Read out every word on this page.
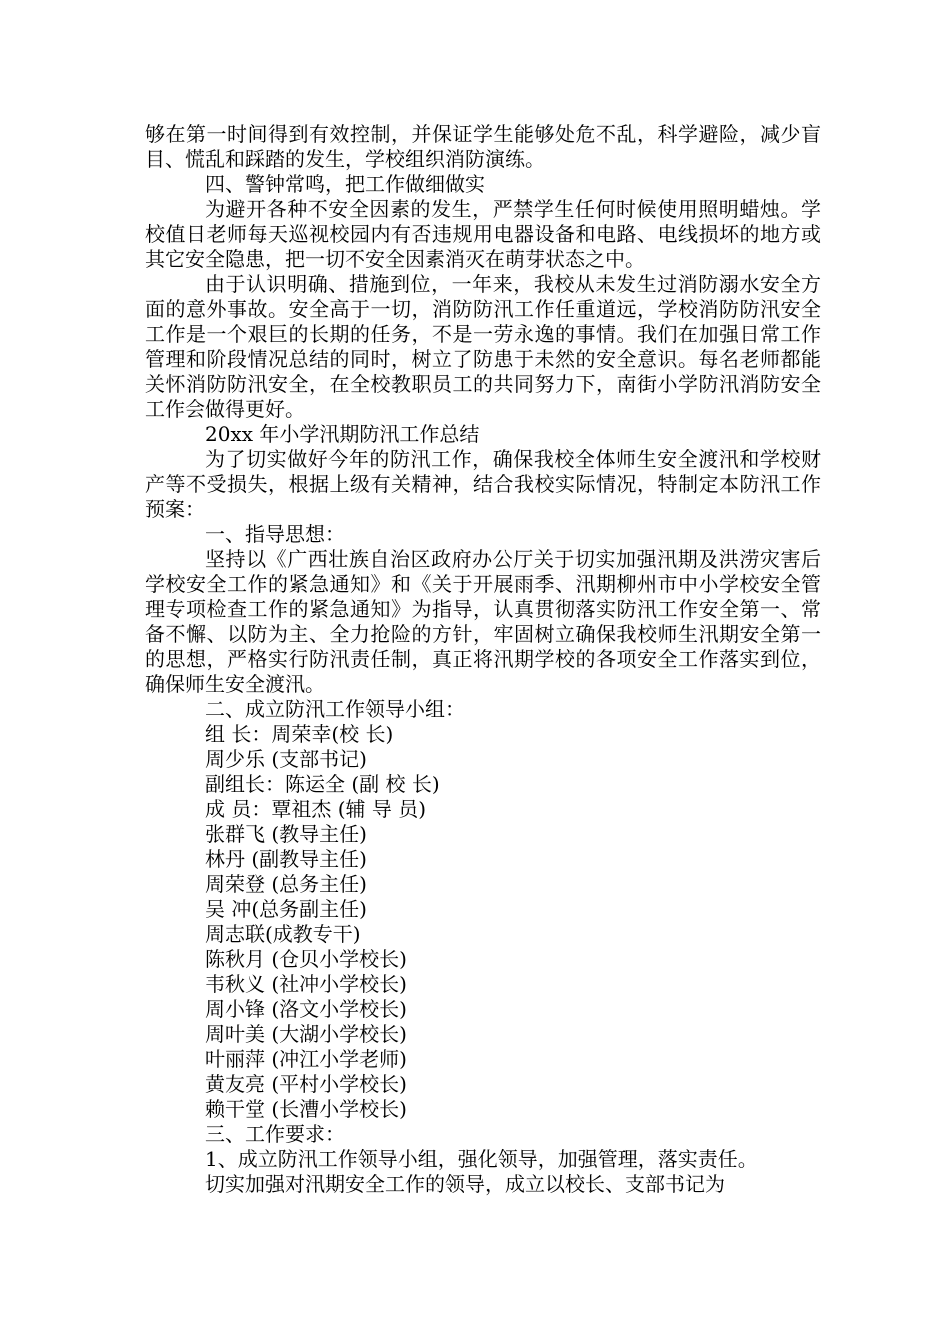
够在第一时间得到有效控制，并保证学生能够处危不乱，科学避险，减少盲目、慌乱和踩踏的发生，学校组织消防演练。

四、警钟常鸣，把工作做细做实

为避开各种不安全因素的发生，严禁学生任何时候使用照明蜡烛。学校值日老师每天巡视校园内有否违规用电器设备和电路、电线损坏的地方或其它安全隐患，把一切不安全因素消灭在萌芽状态之中。

由于认识明确、措施到位，一年来，我校从未发生过消防溺水安全方面的意外事故。安全高于一切，消防防汛工作任重道远，学校消防防汛安全工作是一个艰巨的长期的任务，不是一劳永逸的事情。我们在加强日常工作管理和阶段情况总结的同时，树立了防患于未然的安全意识。每名老师都能关怀消防防汛安全，在全校教职员工的共同努力下，南街小学防汛消防安全工作会做得更好。

20xx 年小学汛期防汛工作总结

为了切实做好今年的防汛工作，确保我校全体师生安全渡汛和学校财产等不受损失，根据上级有关精神，结合我校实际情况，特制定本防汛工作预案：

一、指导思想：

坚持以《广西壮族自治区政府办公厅关于切实加强汛期及洪涝灾害后学校安全工作的紧急通知》和《关于开展雨季、汛期柳州市中小学校安全管理专项检查工作的紧急通知》为指导，认真贯彻落实防汛工作安全第一、常备不懈、以防为主、全力抢险的方针，牢固树立确保我校师生汛期安全第一的思想，严格实行防汛责任制，真正将汛期学校的各项安全工作落实到位，确保师生安全渡汛。

二、成立防汛工作领导小组：

组 长：周荣幸(校 长)

周少乐 (支部书记)

副组长：陈运全 (副 校 长)

成 员：覃祖杰 (辅 导 员)

张群飞 (教导主任)

林丹 (副教导主任)

周荣登 (总务主任)

吴 冲(总务副主任)

周志联(成教专干)

陈秋月 (仓贝小学校长)

韦秋义 (社冲小学校长)

周小锋 (洛文小学校长)

周叶美 (大湖小学校长)

叶丽萍 (冲江小学老师)

黄友亮 (平村小学校长)

赖干堂 (长漕小学校长)

三、工作要求：

1、成立防汛工作领导小组，强化领导，加强管理，落实责任。

切实加强对汛期安全工作的领导，成立以校长、支部书记为
